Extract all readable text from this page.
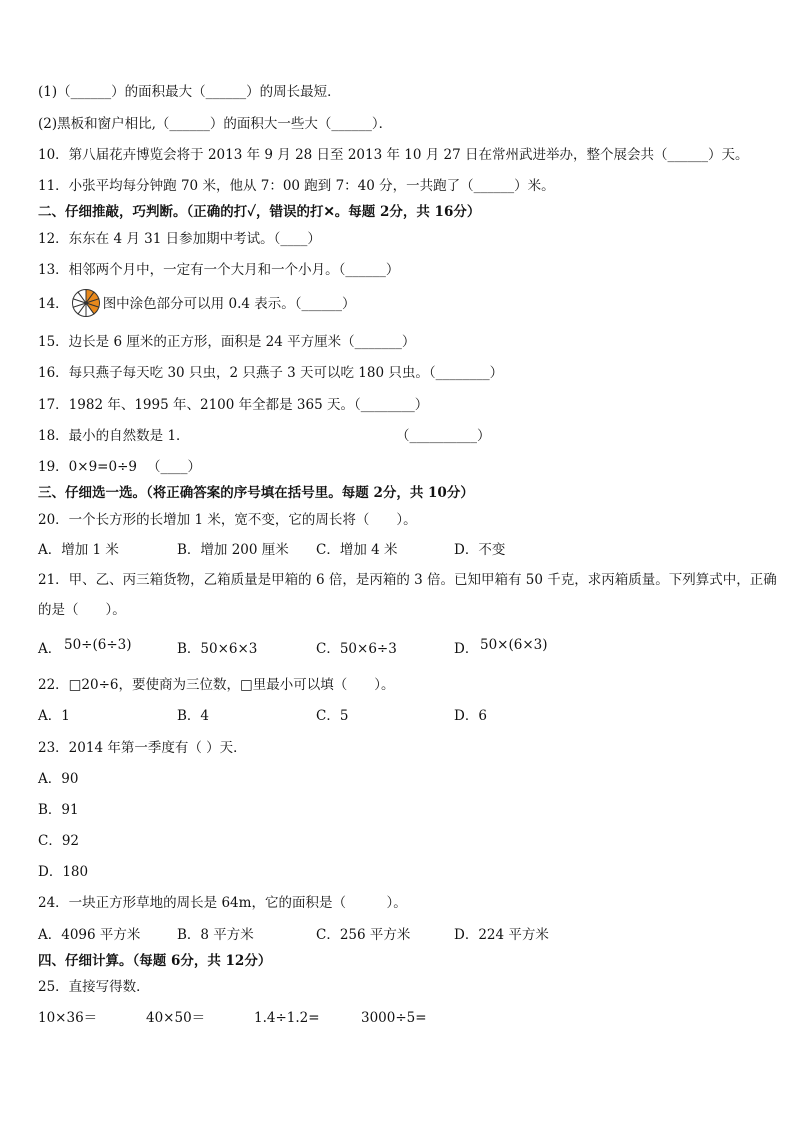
(1)（______）的面积最大（______）的周长最短．
(2)黑板和窗户相比,（______）的面积大一些大（______）．
10．第八届花卉博览会将于 2013 年 9 月 28 日至 2013 年 10 月 27 日在常州武进举办，整个展会共（______）天。
11．小张平均每分钟跑 70 米，他从 7：00 跑到 7：40 分，一共跑了（______）米。
二、仔细推敲，巧判断。（正确的打✓，错误的打✕。每题 2分，共 16分）
12．东东在 4 月 31 日参加期中考试。（____）
13．相邻两个月中，一定有一个大月和一个小月。（______）
14．	图中涂色部分可以用 0.4 表示。（______）
15．边长是 6 厘米的正方形，面积是 24 平方厘米（_______）
16．每只燕子每天吃 30 只虫，2 只燕子 3 天可以吃 180 只虫。（________）
17．1982 年、1995 年、2100 年全都是 365 天。（________）
18．最小的自然数是 1．	（__________）
19．0×9=0÷9 （____）
三、仔细选一选。（将正确答案的序号填在括号里。每题 2分，共 10分）
20．一个长方形的长增加 1 米，宽不变，它的周长将（　　）。
A．增加 1 米	B．增加 200 厘米 C．增加 4 米	D．不变
21．甲、乙、丙三箱货物，乙箱质量是甲箱的 6 倍，是丙箱的 3 倍。已知甲箱有 50 千克，求丙箱质量。下列算式中，正确的是（　　）。
A． 50÷(6÷3)	B．50×6×3	C．50×6÷3	D． 50×(6×3)
22．□20÷6，要使商为三位数，□里最小可以填（　　）。
A．1	B．4	C．5	D．6
23．2014 年第一季度有（ ）天．
A．90
B．91
C．92
D．180
24．一块正方形草地的周长是 64m，它的面积是（　　　）。
A．4096 平方米	B．8 平方米	C．256 平方米	D．224 平方米
四、仔细计算。（每题 6分，共 12分）
25．直接写得数．
10×36＝	40×50＝	1.4÷1.2=	3000÷5=
